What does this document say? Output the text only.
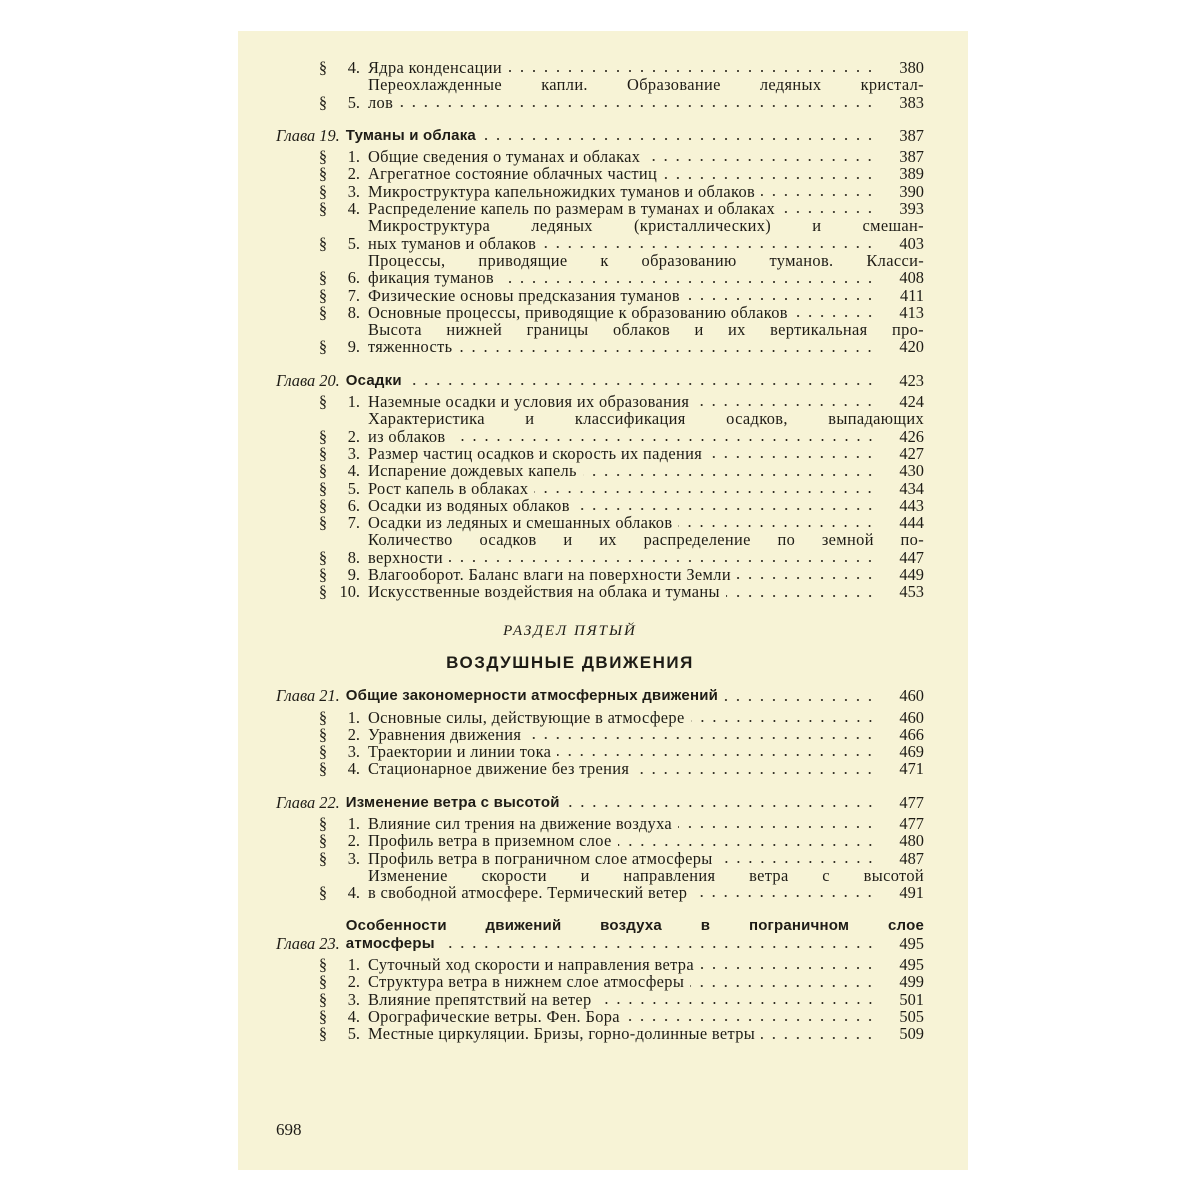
§	4. Ядра конденсации	380
§	5.
Переохлажденные капли. Образование ледяных кристал-
лов	383
Глава 19. Туманы и облака	387
§	1. Общие сведения о туманах и облаках	387
§	2. Агрегатное состояние облачных частиц	389
§	3. Микроструктура капельножидких туманов и облаков	390
§	4. Распределение капель по размерам в туманах и облаках	393
§	5.
Микроструктура ледяных (кристаллических) и смешан-
ных туманов и облаков	403
§	6.
Процессы, приводящие к образованию туманов. Класси-
фикация туманов	408
§	7. Физические основы предсказания туманов	411
§	8. Основные процессы, приводящие к образованию облаков	413
§	9.
Высота нижней границы облаков и их вертикальная про-
тяженность	420
Глава 20. Осадки	423
§	1. Наземные осадки и условия их образования	424
§	2.
Характеристика и классификация осадков, выпадающих
из облаков	426
§	3. Размер частиц осадков и скорость их падения	427
§	4. Испарение дождевых капель	430
§	5. Рост капель в облаках	434
§	6. Осадки из водяных облаков	443
§	7. Осадки из ледяных и смешанных облаков	444
§	8.
Количество осадков и их распределение по земной по-
верхности	447
§	9. Влагооборот. Баланс влаги на поверхности Земли	449
§ 10. Искусственные воздействия на облака и туманы	453
РАЗДЕЛ ПЯТЫЙ
ВОЗДУШНЫЕ ДВИЖЕНИЯ
Глава 21. Общие закономерности атмосферных движений	460
§	1. Основные силы, действующие в атмосфере	460
§	2. Уравнения движения	466
§	3. Траектории и линии тока	469
§	4. Стационарное движение без трения	471
Глава 22. Изменение ветра с высотой	477
§	1. Влияние сил трения на движение воздуха	477
§	2. Профиль ветра в приземном слое	480
§	3. Профиль ветра в пограничном слое атмосферы	487
§	4.
Изменение скорости и направления ветра с высотой
в свободной атмосфере. Термический ветер	491
Глава 23.
Особенности движений воздуха в пограничном слое
атмосферы	495
§	1. Суточный ход скорости и направления ветра	495
§	2. Структура ветра в нижнем слое атмосферы	499
§	3. Влияние препятствий на ветер	501
§	4. Орографические ветры. Фен. Бора	505
§	5. Местные циркуляции. Бризы, горно-долинные ветры	509
698
